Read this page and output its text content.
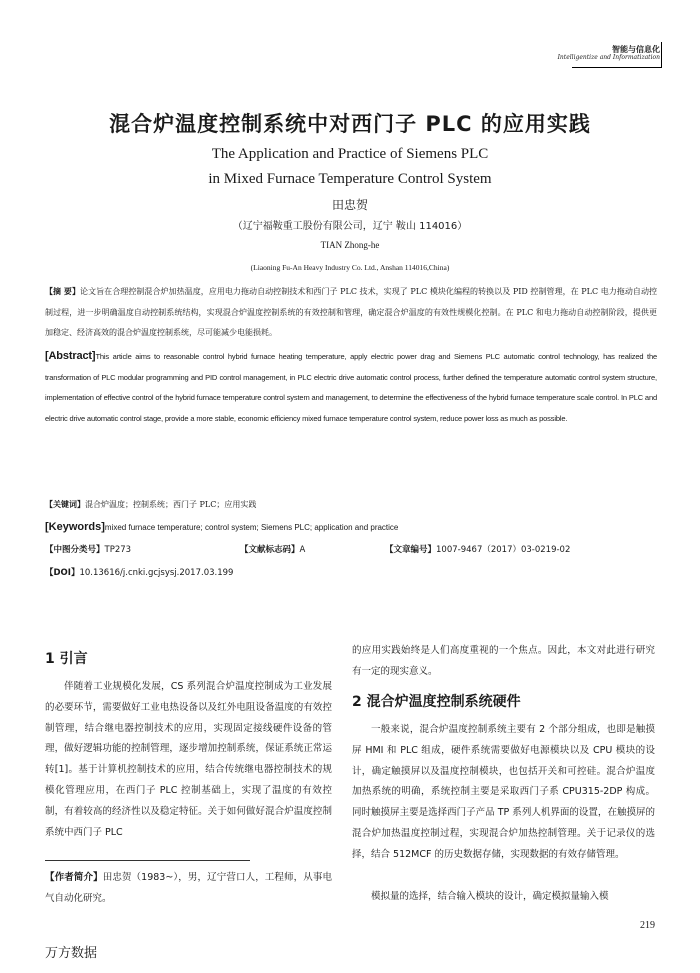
智能与信息化
Intelligentize and Informatization
混合炉温度控制系统中对西门子 PLC 的应用实践
The Application and Practice of Siemens PLC
in Mixed Furnace Temperature Control System
田忠贺
（辽宁福鞍重工股份有限公司，辽宁 鞍山 114016）
TIAN Zhong-he
(Liaoning Fu-An Heavy Industry Co. Ltd., Anshan 114016,China)
【摘 要】论文旨在合理控制混合炉加热温度，应用电力拖动自动控制技术和西门子 PLC 技术，实现了 PLC 模块化编程的转换以及 PID 控制管理，在 PLC 电力拖动自动控制过程，进一步明确温度自动控制系统结构，实现混合炉温度控制系统的有效控制和管理，确定混合炉温度的有效性规模化控制。在 PLC 和电力拖动自动控制阶段，提供更加稳定、经济高效的混合炉温度控制系统，尽可能减少电能损耗。
[Abstract]This article aims to reasonable control hybrid furnace heating temperature, apply electric power drag and Siemens PLC automatic control technology, has realized the transformation of PLC modular programming and PID control management, in PLC electric drive automatic control process, further defined the temperature automatic control system structure, implementation of effective control of the hybrid furnace temperature control system and management, to determine the effectiveness of the hybrid furnace temperature scale control. In PLC and electric drive automatic control stage, provide a more stable, economic efficiency mixed furnace temperature control system, reduce power loss as much as possible.
【关键词】混合炉温度；控制系统；西门子 PLC；应用实践
[Keywords]mixed furnace temperature; control system; Siemens PLC; application and practice
【中图分类号】TP273	【文献标志码】A	【文章编号】1007-9467（2017）03-0219-02
【DOI】10.13616/j.cnki.gcjsysj.2017.03.199
1 引言
伴随着工业规模化发展，CS 系列混合炉温度控制成为工业发展的必要环节，需要做好工业电热设备以及红外电阻设备温度的有效控制管理，结合继电器控制技术的应用，实现固定接线硬件设备的管理，做好逻辑功能的控制管理，逐步增加控制系统，保证系统正常运转[1]。基于计算机控制技术的应用，结合传统继电器控制技术的规模化管理应用，在西门子 PLC 控制基础上，实现了温度的有效控制，有着较高的经济性以及稳定特征。关于如何做好混合炉温度控制系统中西门子 PLC
【作者简介】田忠贺（1983~），男，辽宁营口人，工程师，从事电气自动化研究。
的应用实践始终是人们高度重视的一个焦点。因此，本文对此进行研究有一定的现实意义。
2 混合炉温度控制系统硬件
一般来说，混合炉温度控制系统主要有 2 个部分组成，也即是触摸屏 HMI 和 PLC 组成，硬件系统需要做好电源模块以及 CPU 模块的设计，确定触摸屏以及温度控制模块，也包括开关和可控硅。混合炉温度加热系统的明确，系统控制主要是采取西门子系 CPU315-2DP 构成。同时触摸屏主要是选择西门子产品 TP 系列人机界面的设置，在触摸屏的混合炉加热温度控制过程，实现混合炉加热控制管理。关于记录仪的选择，结合 512MCF 的历史数据存储，实现数据的有效存储管理。
模拟量的选择，结合输入模块的设计，确定模拟量输入模
219
万方数据
